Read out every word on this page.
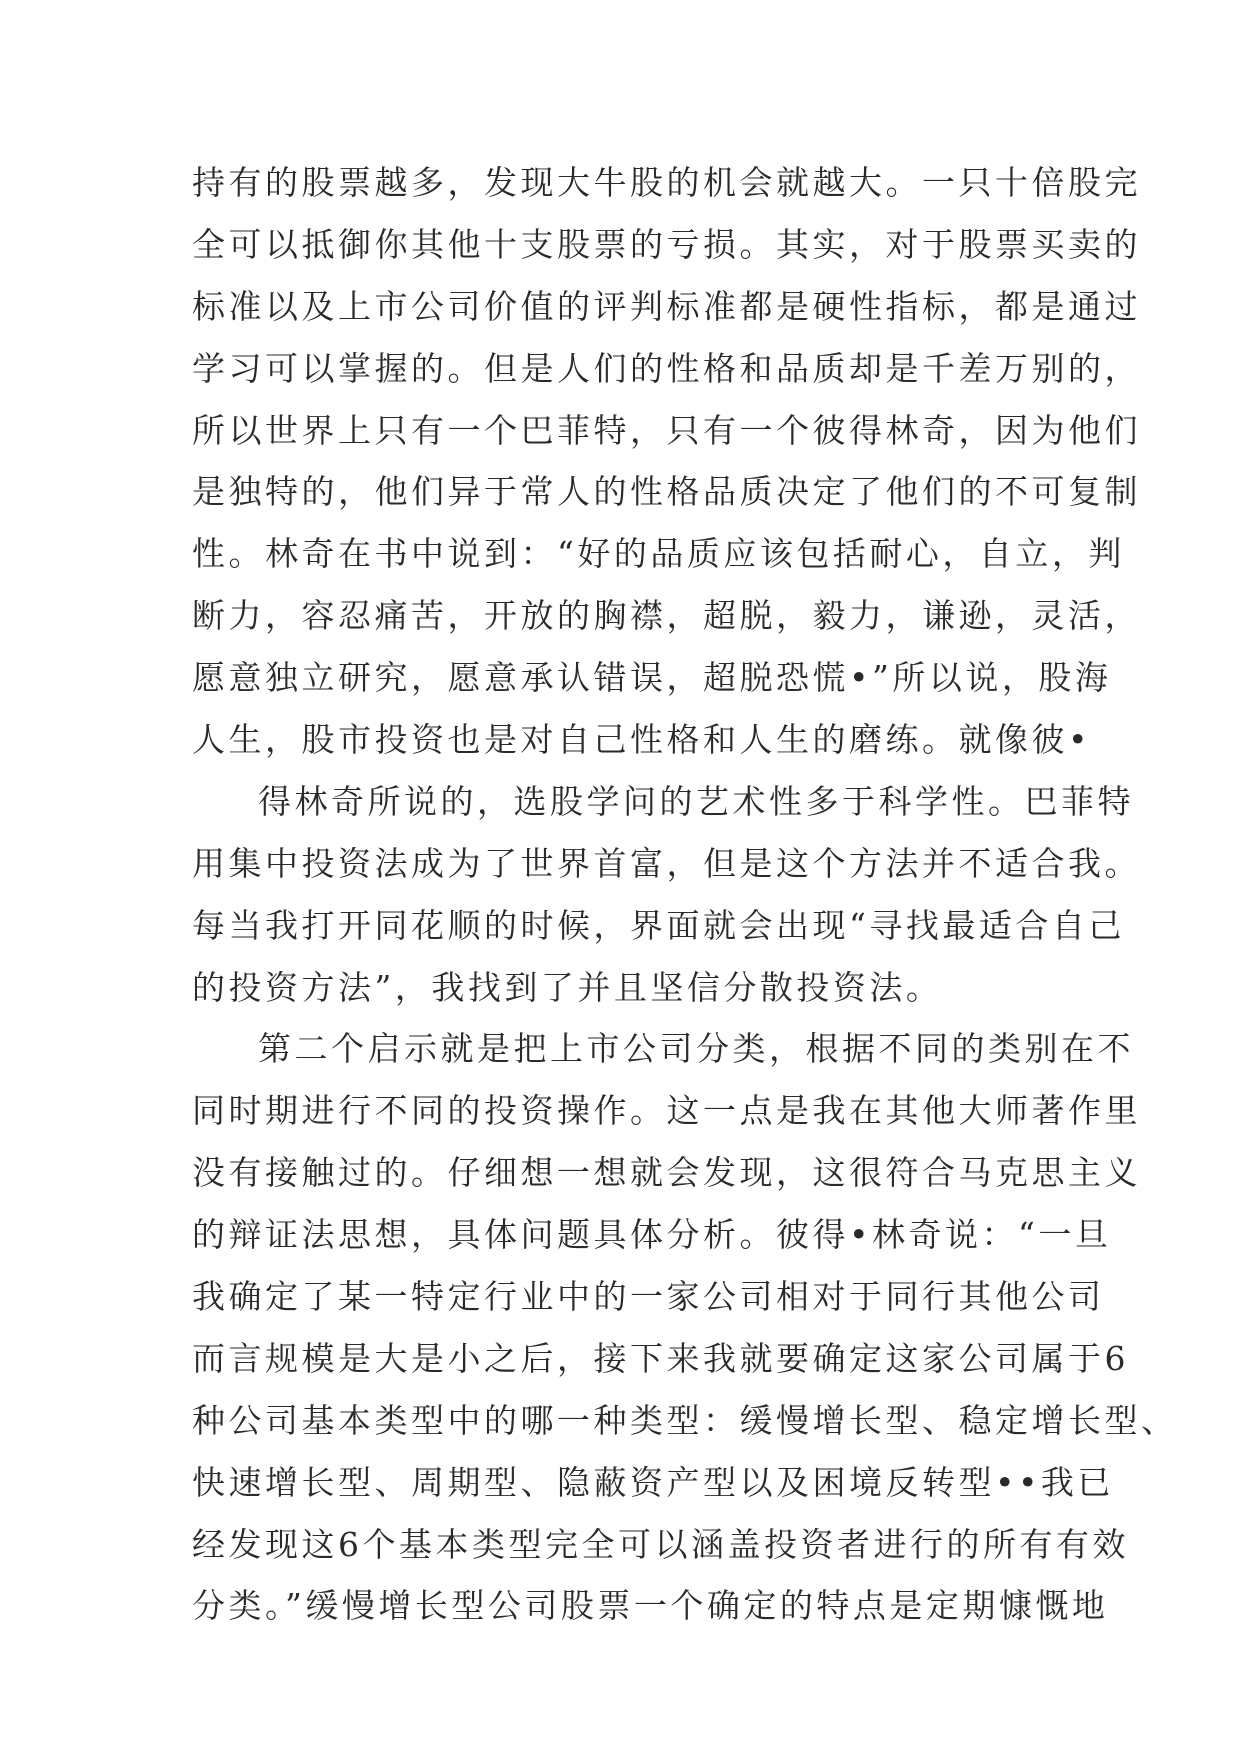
持有的股票越多，发现大牛股的机会就越大。一只十倍股完
全可以抵御你其他十支股票的亏损。其实，对于股票买卖的
标准以及上市公司价值的评判标准都是硬性指标，都是通过
学习可以掌握的。但是人们的性格和品质却是千差万别的，
所以世界上只有一个巴菲特，只有一个彼得林奇，因为他们
是独特的，他们异于常人的性格品质决定了他们的不可复制
性。林奇在书中说到：“好的品质应该包括耐心，自立，判
断力，容忍痛苦，开放的胸襟，超脱，毅力，谦逊，灵活，
愿意独立研究，愿意承认错误，超脱恐慌•”所以说，股海
人生，股市投资也是对自己性格和人生的磨练。就像彼•
得林奇所说的，选股学问的艺术性多于科学性。巴菲特
用集中投资法成为了世界首富，但是这个方法并不适合我。
每当我打开同花顺的时候，界面就会出现“寻找最适合自己
的投资方法”，我找到了并且坚信分散投资法。
第二个启示就是把上市公司分类，根据不同的类别在不
同时期进行不同的投资操作。这一点是我在其他大师著作里
没有接触过的。仔细想一想就会发现，这很符合马克思主义
的辩证法思想，具体问题具体分析。彼得•林奇说：“一旦
我确定了某一特定行业中的一家公司相对于同行其他公司
而言规模是大是小之后，接下来我就要确定这家公司属于6
种公司基本类型中的哪一种类型：缓慢增长型、稳定增长型、
快速增长型、周期型、隐蔽资产型以及困境反转型••我已
经发现这6个基本类型完全可以涵盖投资者进行的所有有效
分类。”缓慢增长型公司股票一个确定的特点是定期慷慨地
